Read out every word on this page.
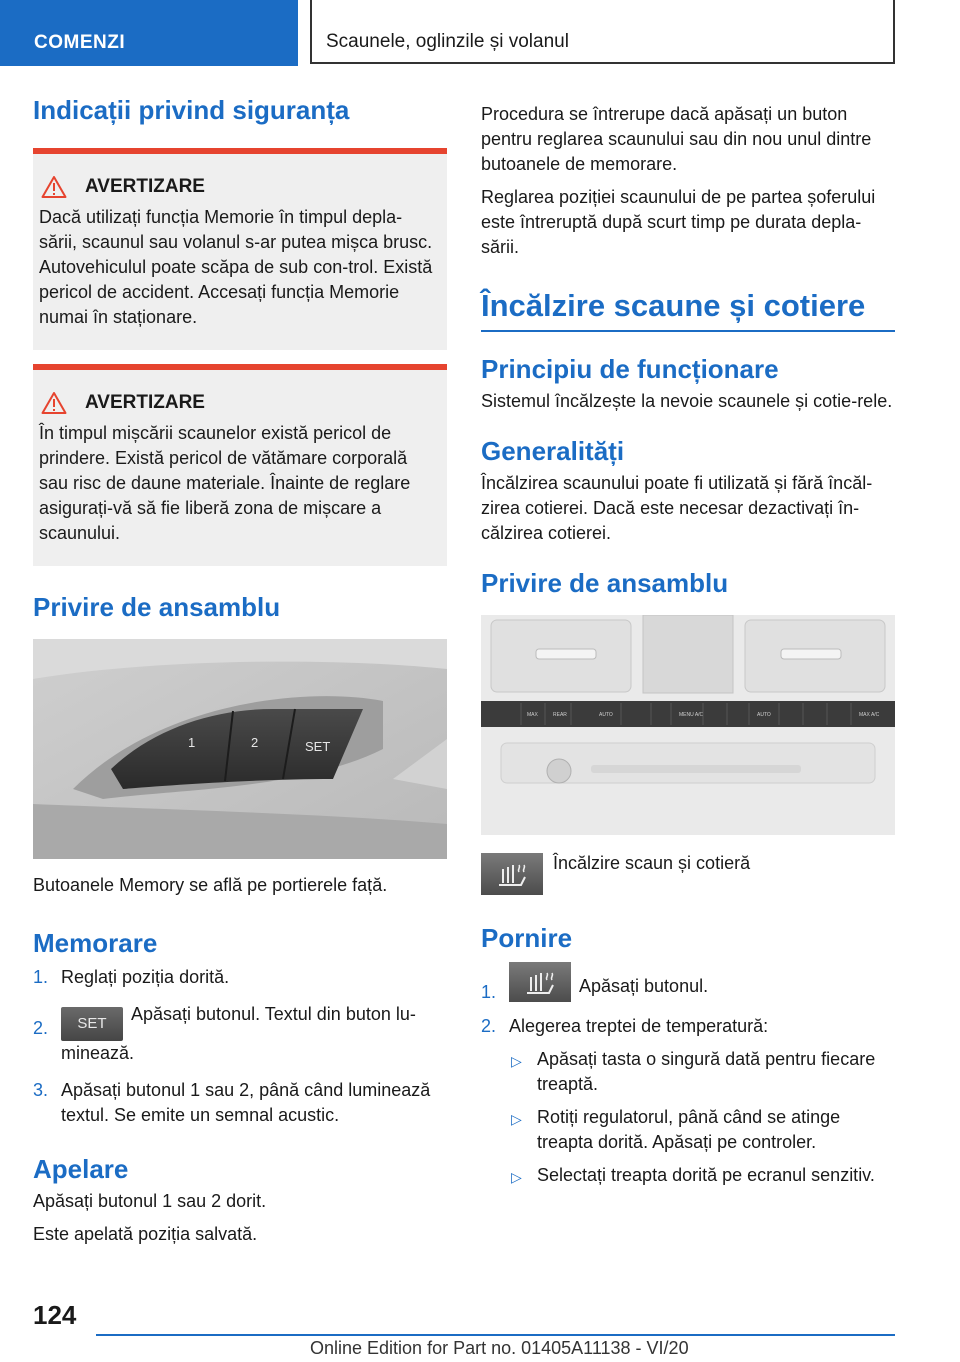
COMENZI	Scaunele, oglinzile și volanul
Indicații privind siguranța
AVERTIZARE
Dacă utilizați funcția Memorie în timpul depla-sării, scaunul sau volanul s-ar putea mișca brusc. Autovehiculul poate scăpa de sub con-trol. Există pericol de accident. Accesați funcția Memorie numai în staționare.
AVERTIZARE
În timpul mișcării scaunelor există pericol de prindere. Există pericol de vătămare corporală sau risc de daune materiale. Înainte de reglare asigurați-vă să fie liberă zona de mișcare a scaunului.
Privire de ansamblu
1	2	SET

Butoanele Memory se află pe portierele față.

Memorare
1. Reglați poziția dorită.
2. SET Apăsați butonul. Textul din buton lu-minează.
3. Apăsați butonul 1 sau 2, până când luminează textul. Se emite un semnal acustic.
Apelare

Apăsați butonul 1 sau 2 dorit.

Este apelată poziția salvată.

Procedura se întrerupe dacă apăsați un buton pentru reglarea scaunului sau din nou unul dintre butoanele de memorare.

Reglarea poziției scaunului de pe partea șoferului este întreruptă după scurt timp pe durata depla-sării.

Încălzire scaune și cotiere
Principiu de funcționare

Sistemul încălzește la nevoie scaunele și cotie-rele.

Generalități

Încălzirea scaunului poate fi utilizată și fără încăl-zirea cotierei. Dacă este necesar dezactivați în-călzirea cotierei.

Privire de ansamblu
MAX	REAR	AUTO	MENU A/C	AUTO	MAX A/C
Încălzire scaun și cotieră
Pornire
1.	Apăsați butonul.
2. Alegerea treptei de temperatură:
▷ Apăsați tasta o singură dată pentru fiecare treaptă.
▷ Rotiți regulatorul, până când se atinge treapta dorită. Apăsați pe controler.
▷ Selectați treapta dorită pe ecranul senzitiv.
124
Online Edition for Part no. 01405A11138 - VI/20
